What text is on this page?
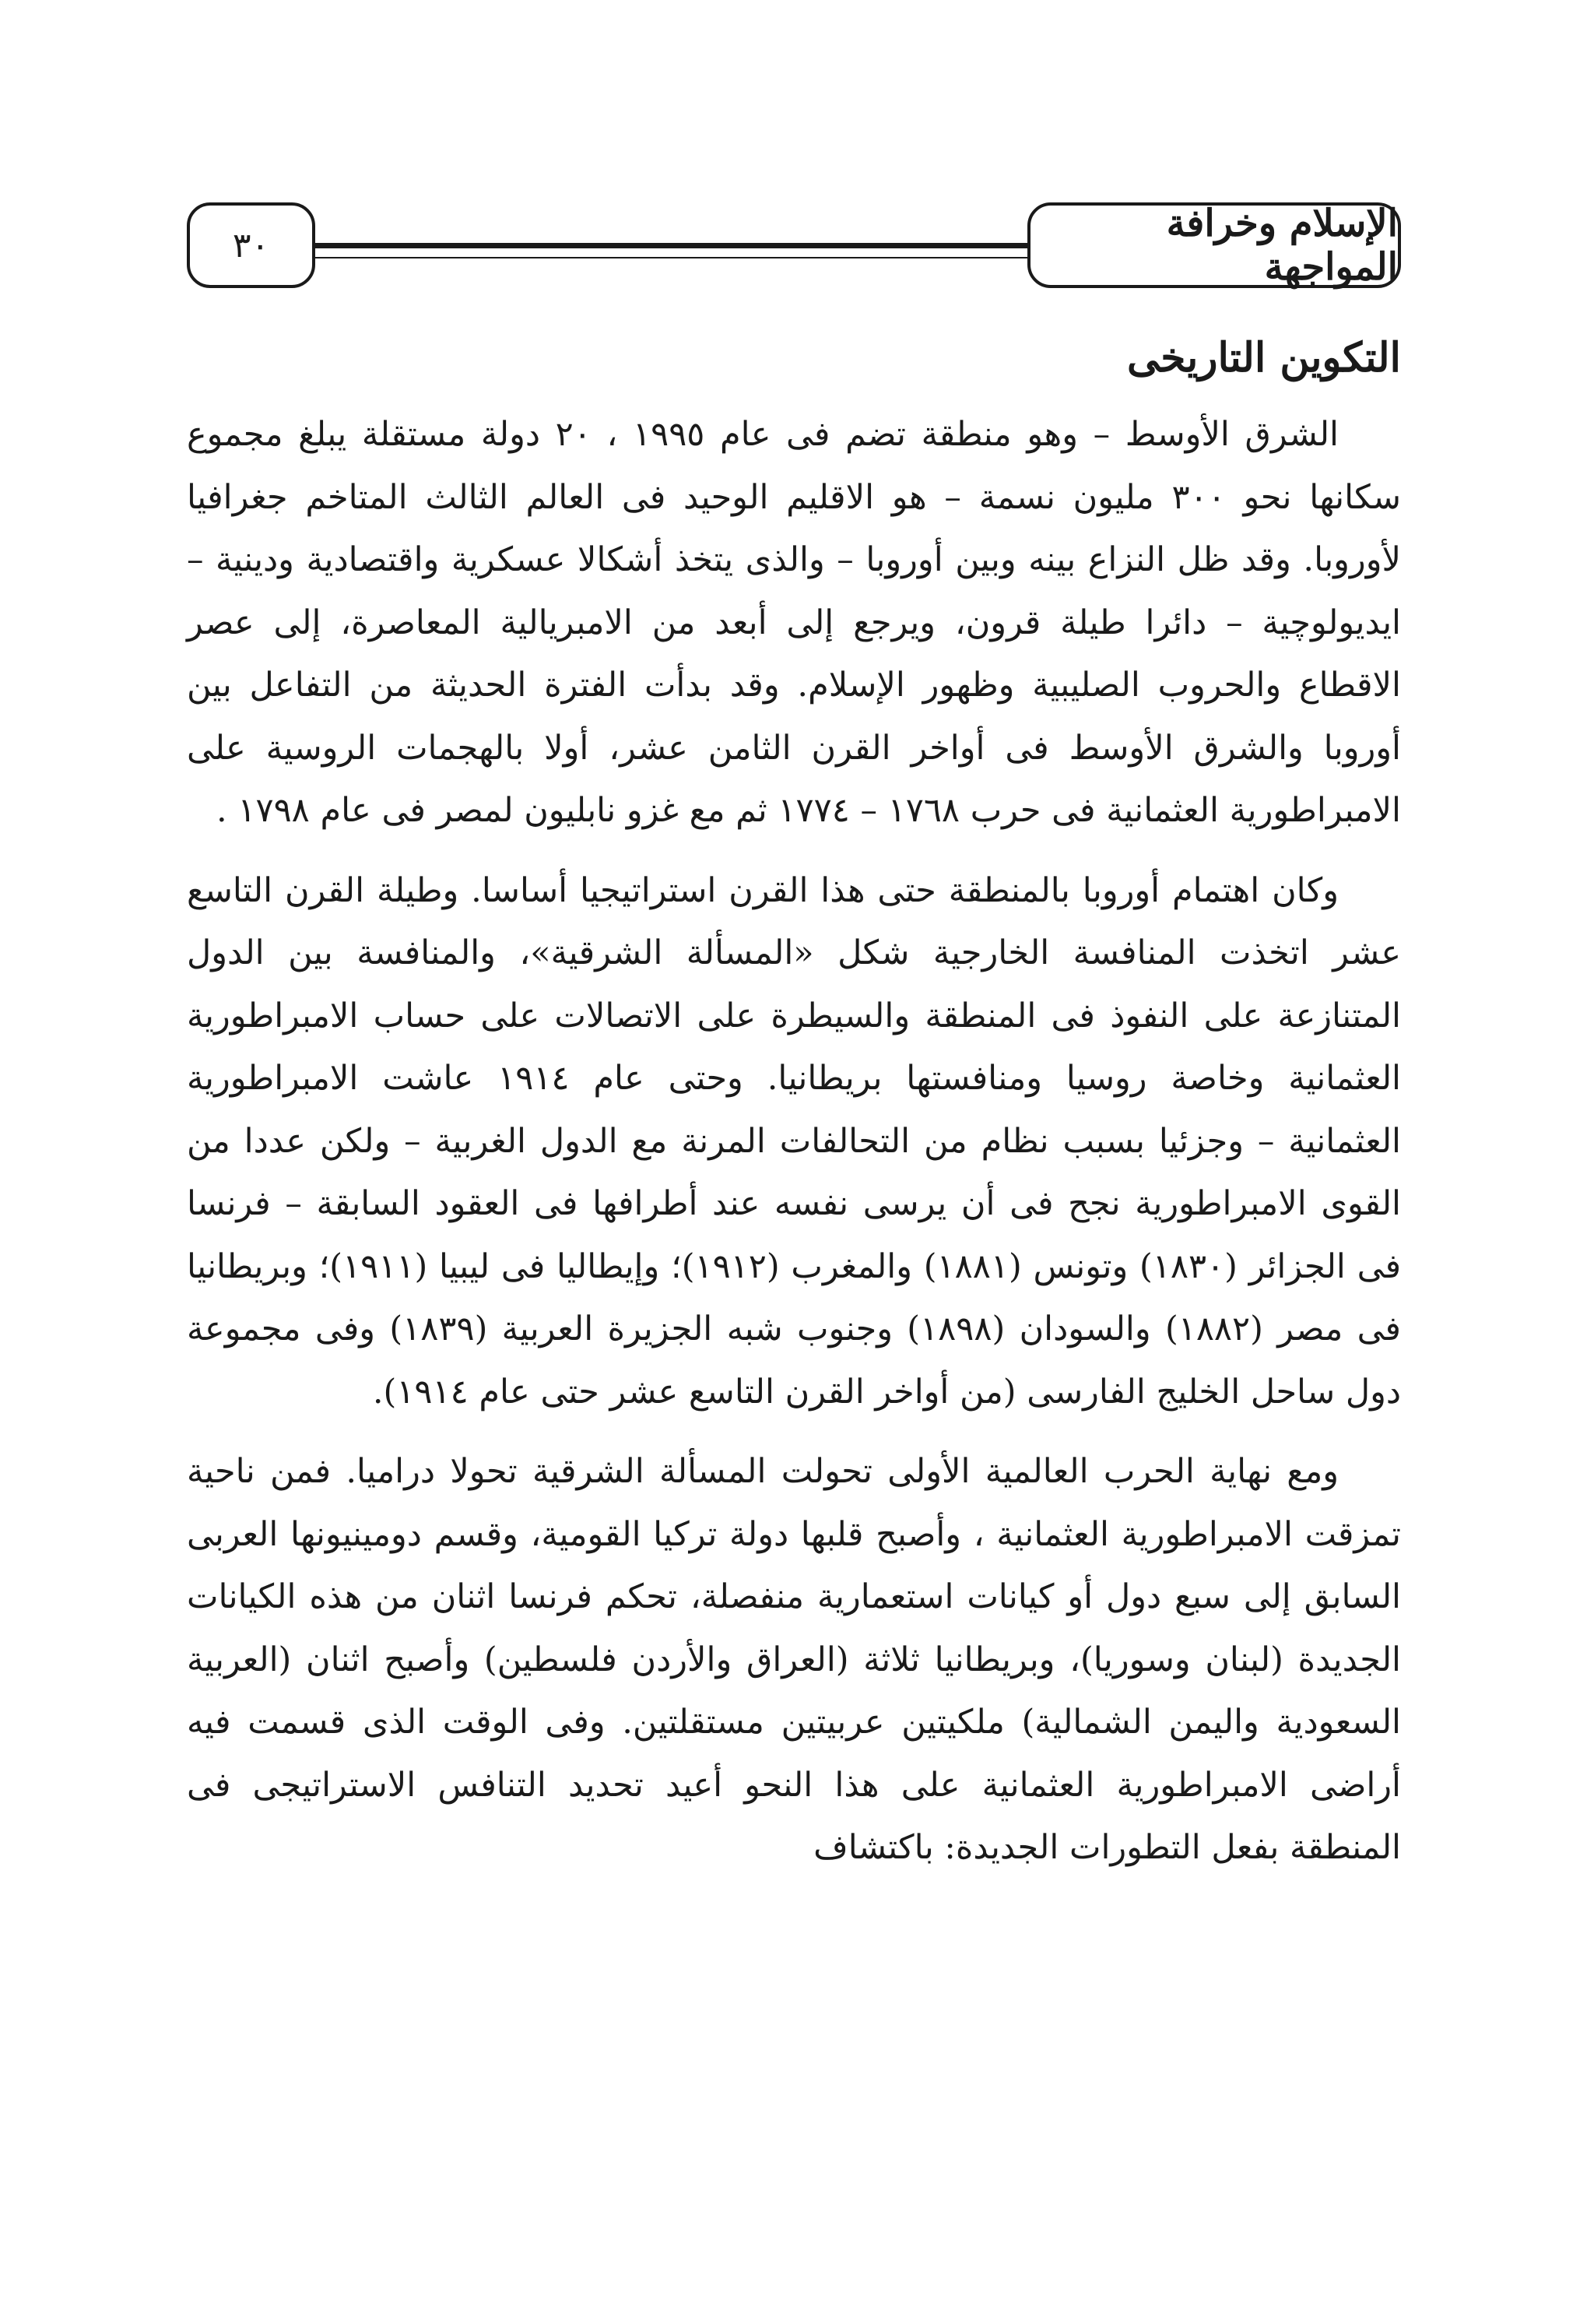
٣٠	الإسلام وخرافة المواجهة
التكوين التاريخى

الشرق الأوسط – وهو منطقة تضم فى عام ١٩٩٥ ، ٢٠ دولة مستقلة يبلغ مجموع سكانها نحو ٣٠٠ مليون نسمة – هو الاقليم الوحيد فى العالم الثالث المتاخم جغرافيا لأوروبا. وقد ظل النزاع بينه وبين أوروبا – والذى يتخذ أشكالا عسكرية واقتصادية ودينية – ايديولوچية – دائرا طيلة قرون، ويرجع إلى أبعد من الامبريالية المعاصرة، إلى عصر الاقطاع والحروب الصليبية وظهور الإسلام. وقد بدأت الفترة الحديثة من التفاعل بين أوروبا والشرق الأوسط فى أواخر القرن الثامن عشر، أولا بالهجمات الروسية على الامبراطورية العثمانية فى حرب ١٧٦٨ – ١٧٧٤ ثم مع غزو نابليون لمصر فى عام ١٧٩٨ .

وكان اهتمام أوروبا بالمنطقة حتى هذا القرن استراتيجيا أساسا. وطيلة القرن التاسع عشر اتخذت المنافسة الخارجية شكل «المسألة الشرقية»، والمنافسة بين الدول المتنازعة على النفوذ فى المنطقة والسيطرة على الاتصالات على حساب الامبراطورية العثمانية وخاصة روسيا ومنافستها بريطانيا. وحتى عام ١٩١٤ عاشت الامبراطورية العثمانية – وجزئيا بسبب نظام من التحالفات المرنة مع الدول الغربية – ولكن عددا من القوى الامبراطورية نجح فى أن يرسى نفسه عند أطرافها فى العقود السابقة – فرنسا فى الجزائر (١٨٣٠) وتونس (١٨٨١) والمغرب (١٩١٢)؛ وإيطاليا فى ليبيا (١٩١١)؛ وبريطانيا فى مصر (١٨٨٢) والسودان (١٨٩٨) وجنوب شبه الجزيرة العربية (١٨٣٩) وفى مجموعة دول ساحل الخليج الفارسى (من أواخر القرن التاسع عشر حتى عام ١٩١٤).

ومع نهاية الحرب العالمية الأولى تحولت المسألة الشرقية تحولا دراميا. فمن ناحية تمزقت الامبراطورية العثمانية ، وأصبح قلبها دولة تركيا القومية، وقسم دومينيونها العربى السابق إلى سبع دول أو كيانات استعمارية منفصلة، تحكم فرنسا اثنان من هذه الكيانات الجديدة (لبنان وسوريا)، وبريطانيا ثلاثة (العراق والأردن فلسطين) وأصبح اثنان (العربية السعودية واليمن الشمالية) ملكيتين عربيتين مستقلتين. وفى الوقت الذى قسمت فيه أراضى الامبراطورية العثمانية على هذا النحو أعيد تحديد التنافس الاستراتيجى فى المنطقة بفعل التطورات الجديدة: باكتشاف
